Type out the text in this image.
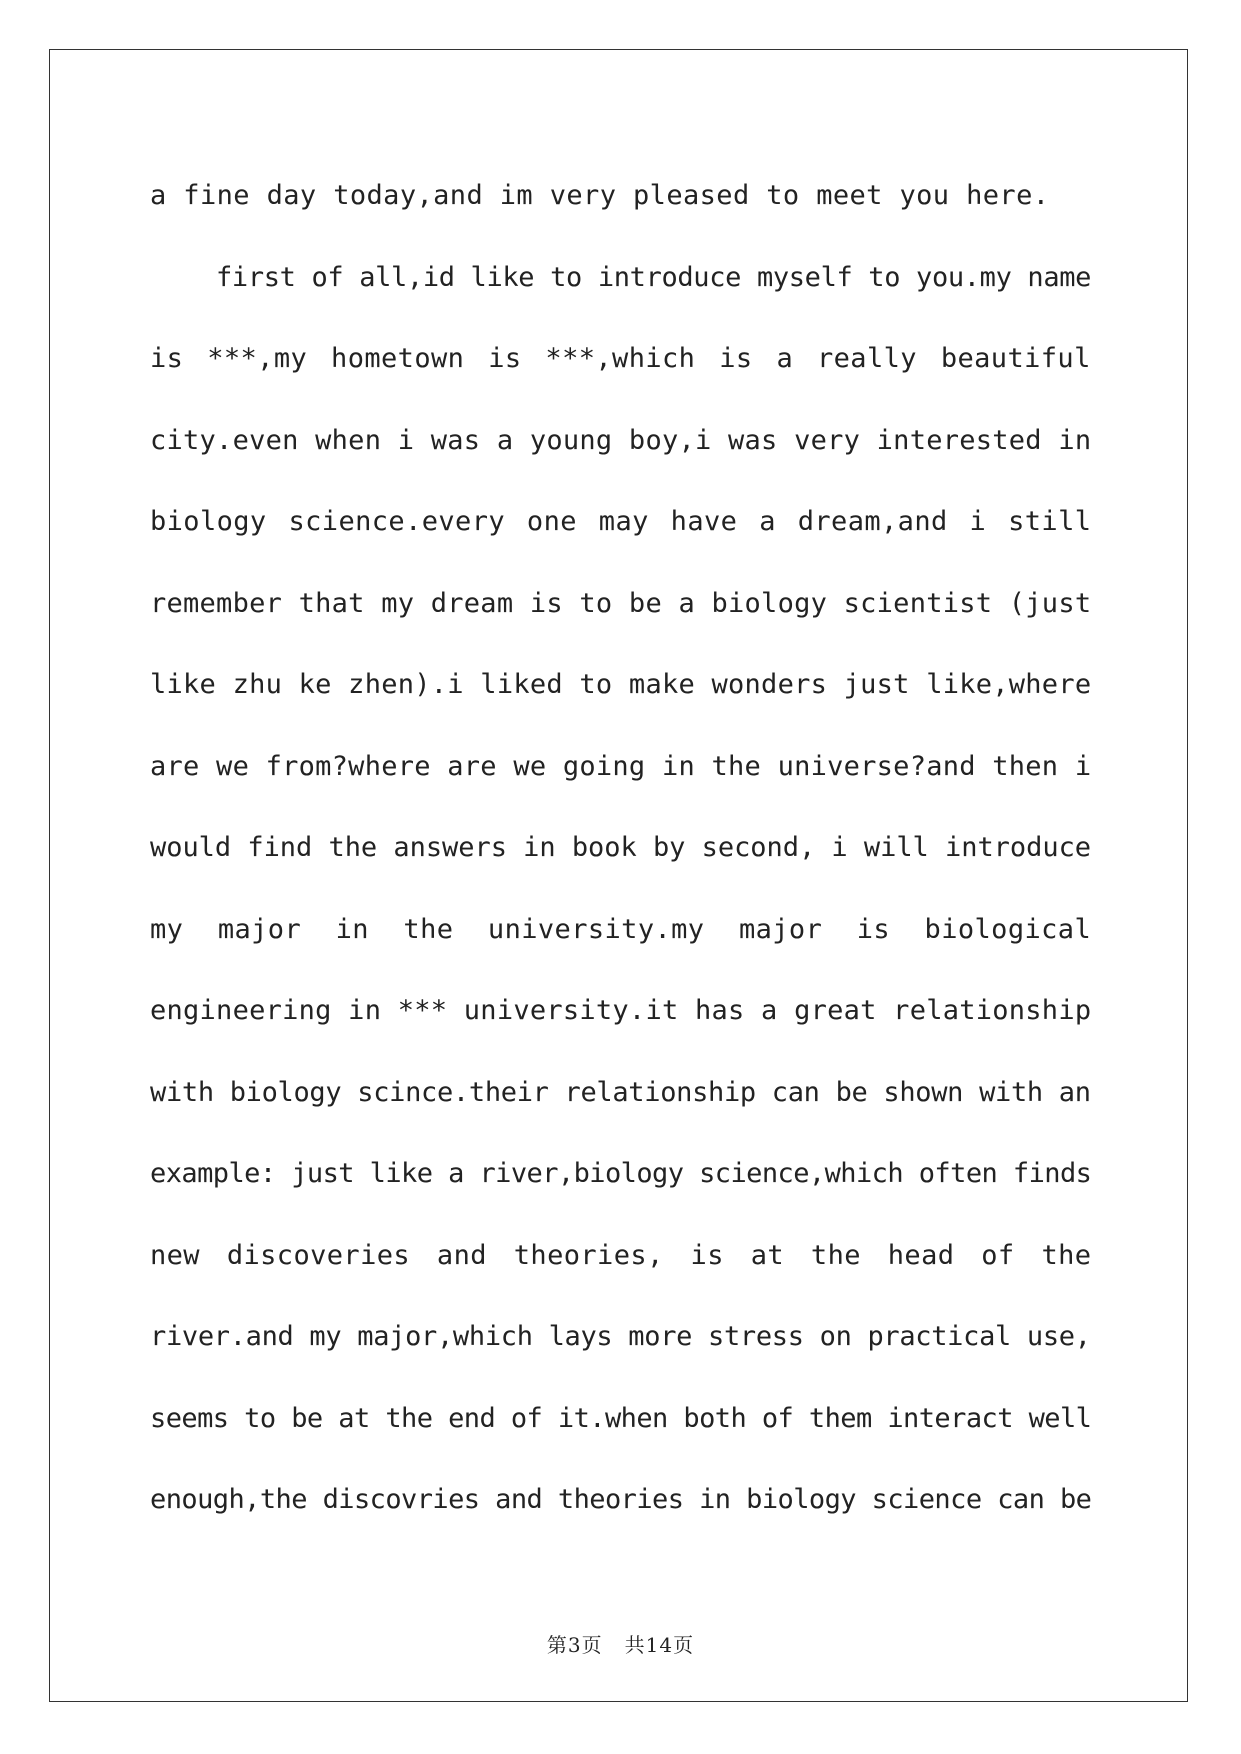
a fine day today,and im very pleased to meet you here.
first of all,id like to introduce myself to you.my name
is ***,my hometown is ***,which is a really beautiful
city.even when i was a young boy,i was very interested in
biology science.every one may have a dream,and i still
remember that my dream is to be a biology scientist (just
like zhu ke zhen).i liked to make wonders just like,where
are we from?where are we going in the universe?and then i
would find the answers in book by second, i will introduce
my major in the university.my major is biological
engineering in *** university.it has a great relationship
with biology scince.their relationship can be shown with an
example: just like a river,biology science,which often finds
new discoveries and theories, is at the head of the
river.and my major,which lays more stress on practical use,
seems to be at the end of it.when both of them interact well
enough,the discovries and theories in biology science can be
第3页 共14页
